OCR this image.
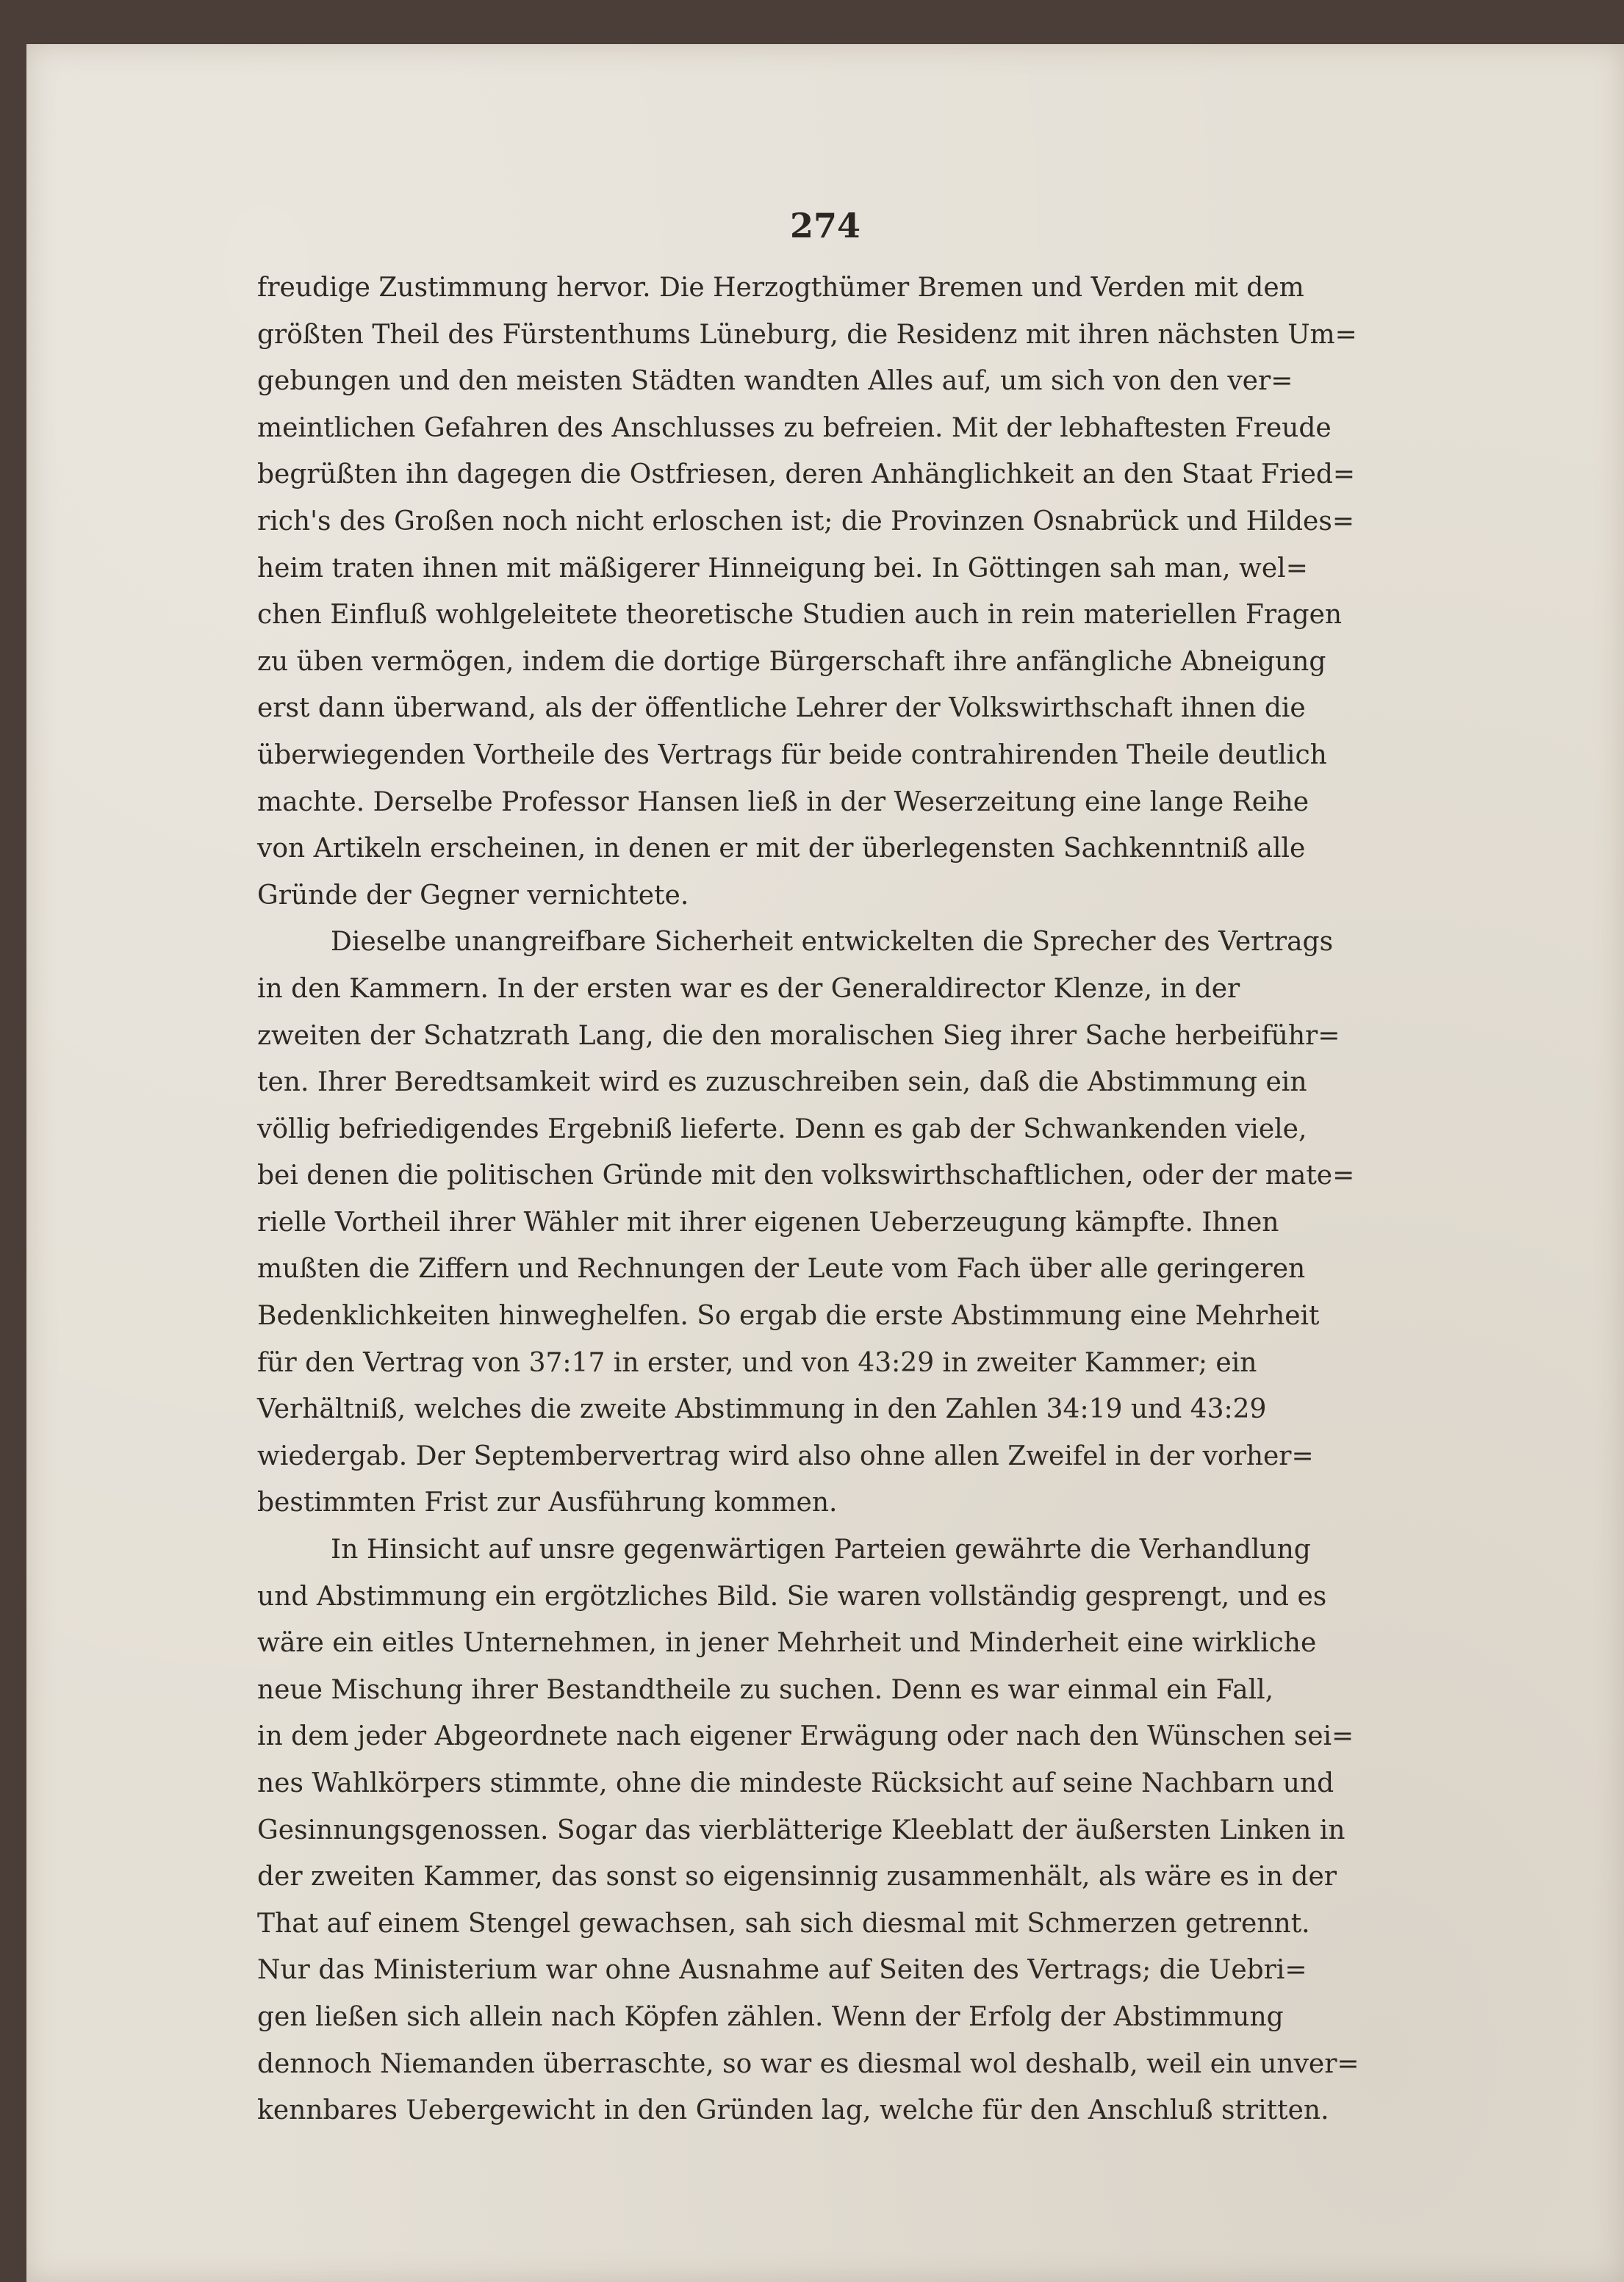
274
freudige Zustimmung hervor. Die Herzogthümer Bremen und Verden mit dem
größten Theil des Fürstenthums Lüneburg, die Residenz mit ihren nächsten Um=
gebungen und den meisten Städten wandten Alles auf, um sich von den ver=
meintlichen Gefahren des Anschlusses zu befreien. Mit der lebhaftesten Freude
begrüßten ihn dagegen die Ostfriesen, deren Anhänglichkeit an den Staat Fried=
rich's des Großen noch nicht erloschen ist; die Provinzen Osnabrück und Hildes=
heim traten ihnen mit mäßigerer Hinneigung bei. In Göttingen sah man, wel=
chen Einfluß wohlgeleitete theoretische Studien auch in rein materiellen Fragen
zu üben vermögen, indem die dortige Bürgerschaft ihre anfängliche Abneigung
erst dann überwand, als der öffentliche Lehrer der Volkswirthschaft ihnen die
überwiegenden Vortheile des Vertrags für beide contrahirenden Theile deutlich
machte. Derselbe Professor Hansen ließ in der Weserzeitung eine lange Reihe
von Artikeln erscheinen, in denen er mit der überlegensten Sachkenntniß alle
Gründe der Gegner vernichtete.
Dieselbe unangreifbare Sicherheit entwickelten die Sprecher des Vertrags
in den Kammern. In der ersten war es der Generaldirector Klenze, in der
zweiten der Schatzrath Lang, die den moralischen Sieg ihrer Sache herbeiführ=
ten. Ihrer Beredtsamkeit wird es zuzuschreiben sein, daß die Abstimmung ein
völlig befriedigendes Ergebniß lieferte. Denn es gab der Schwankenden viele,
bei denen die politischen Gründe mit den volkswirthschaftlichen, oder der mate=
rielle Vortheil ihrer Wähler mit ihrer eigenen Ueberzeugung kämpfte. Ihnen
mußten die Ziffern und Rechnungen der Leute vom Fach über alle geringeren
Bedenklichkeiten hinweghelfen. So ergab die erste Abstimmung eine Mehrheit
für den Vertrag von 37:17 in erster, und von 43:29 in zweiter Kammer; ein
Verhältniß, welches die zweite Abstimmung in den Zahlen 34:19 und 43:29
wiedergab. Der Septembervertrag wird also ohne allen Zweifel in der vorher=
bestimmten Frist zur Ausführung kommen.
In Hinsicht auf unsre gegenwärtigen Parteien gewährte die Verhandlung
und Abstimmung ein ergötzliches Bild. Sie waren vollständig gesprengt, und es
wäre ein eitles Unternehmen, in jener Mehrheit und Minderheit eine wirkliche
neue Mischung ihrer Bestandtheile zu suchen. Denn es war einmal ein Fall,
in dem jeder Abgeordnete nach eigener Erwägung oder nach den Wünschen sei=
nes Wahlkörpers stimmte, ohne die mindeste Rücksicht auf seine Nachbarn und
Gesinnungsgenossen. Sogar das vierblätterige Kleeblatt der äußersten Linken in
der zweiten Kammer, das sonst so eigensinnig zusammenhält, als wäre es in der
That auf einem Stengel gewachsen, sah sich diesmal mit Schmerzen getrennt.
Nur das Ministerium war ohne Ausnahme auf Seiten des Vertrags; die Uebri=
gen ließen sich allein nach Köpfen zählen. Wenn der Erfolg der Abstimmung
dennoch Niemanden überraschte, so war es diesmal wol deshalb, weil ein unver=
kennbares Uebergewicht in den Gründen lag, welche für den Anschluß stritten.
